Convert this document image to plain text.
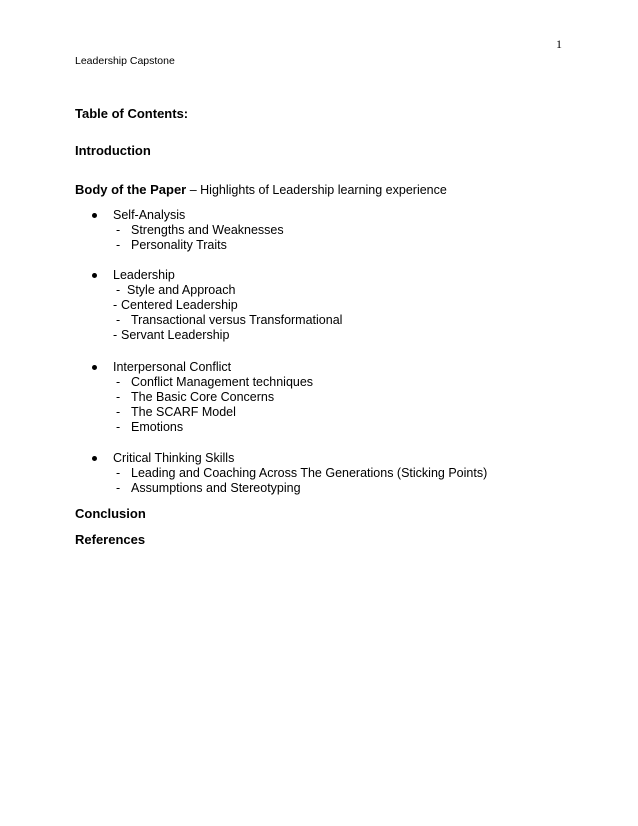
1
Leadership Capstone
Table of Contents:
Introduction
Body of the Paper – Highlights of Leadership learning experience
Self-Analysis
- Strengths and Weaknesses
- Personality Traits
Leadership
- Style and Approach
- Centered Leadership
- Transactional versus Transformational
- Servant Leadership
Interpersonal Conflict
- Conflict Management techniques
- The Basic Core Concerns
- The SCARF Model
- Emotions
Critical Thinking Skills
- Leading and Coaching Across The Generations (Sticking Points)
- Assumptions and Stereotyping
Conclusion
References
